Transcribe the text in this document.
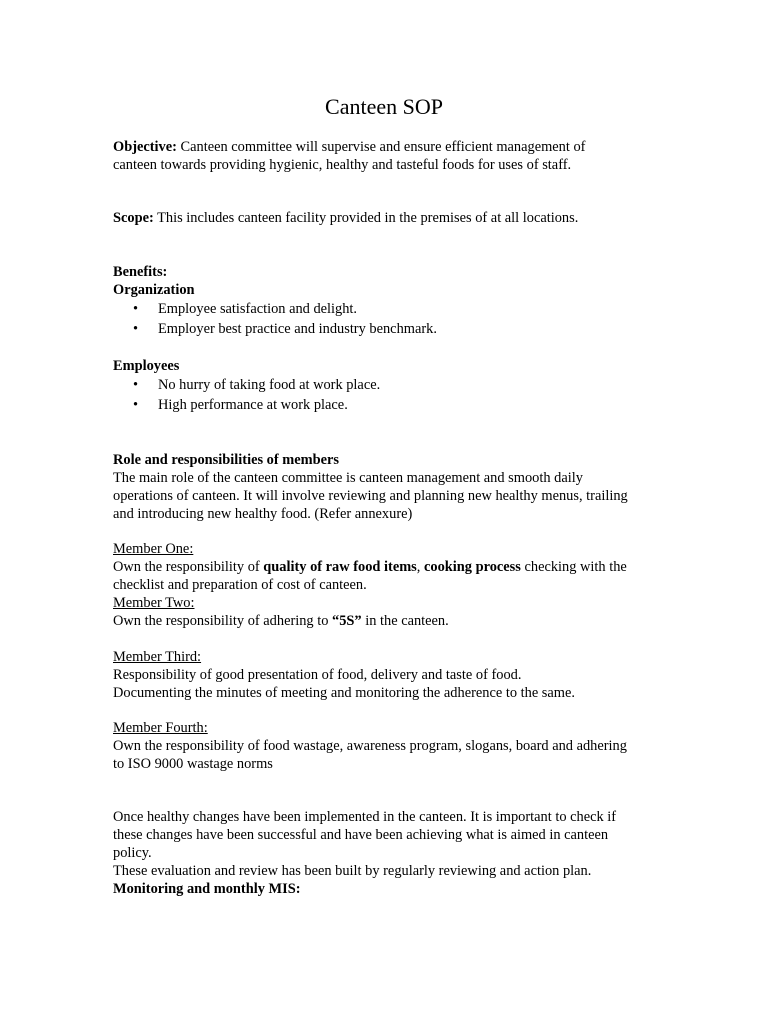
Canteen SOP
Objective: Canteen committee will supervise and ensure efficient management of
canteen towards providing hygienic, healthy and tasteful foods for uses of staff.
Scope: This includes canteen facility provided in the premises of at all locations.
Benefits:
Organization
• Employee satisfaction and delight.
• Employer best practice and industry benchmark.
Employees
• No hurry of taking food at work place.
• High performance at work place.
Role and responsibilities of members
The main role of the canteen committee is canteen management and smooth daily
operations of canteen. It will involve reviewing and planning new healthy menus, trailing
and introducing new healthy food. (Refer annexure)
Member One:
Own the responsibility of quality of raw food items, cooking process checking with the
checklist and preparation of cost of canteen.
Member Two:
Own the responsibility of adhering to “5S” in the canteen.
Member Third:
Responsibility of good presentation of food, delivery and taste of food.
Documenting the minutes of meeting and monitoring the adherence to the same.
Member Fourth:
Own the responsibility of food wastage, awareness program, slogans, board and adhering
to ISO 9000 wastage norms
Once healthy changes have been implemented in the canteen. It is important to check if
these changes have been successful and have been achieving what is aimed in canteen
policy.
These evaluation and review has been built by regularly reviewing and action plan.
Monitoring and monthly MIS:
